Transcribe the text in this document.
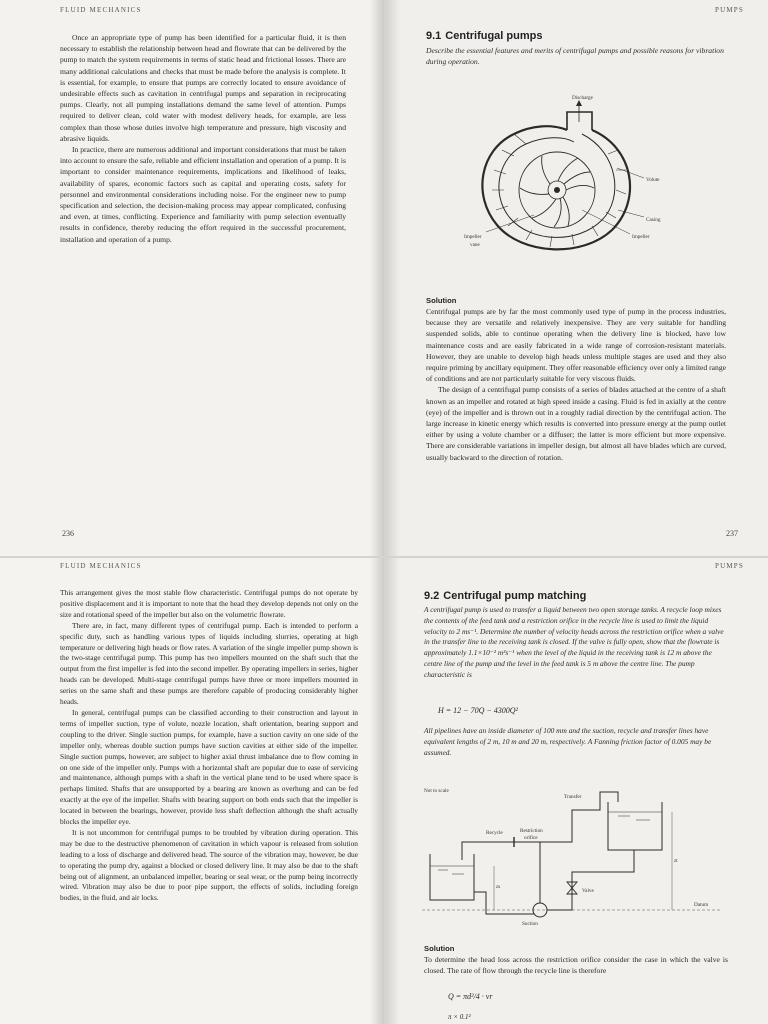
FLUID MECHANICS

Once an appropriate type of pump has been identified for a particular fluid, it is then necessary to establish the relationship between head and flowrate that can be delivered by the pump to match the system requirements in terms of static head and frictional losses. There are many additional calculations and checks that must be made before the analysis is complete. It is essential, for example, to ensure that pumps are correctly located to ensure avoidance of undesirable effects such as cavitation in centrifugal pumps and separation in reciprocating pumps. Clearly, not all pumping installations demand the same level of attention. Pumps required to deliver clean, cold water with modest delivery heads, for example, are less complex than those whose duties involve high temperature and pressure, high viscosity and abrasive liquids.

In practice, there are numerous additional and important considerations that must be taken into account to ensure the safe, reliable and efficient installation and operation of a pump. It is important to consider maintenance requirements, implications and likelihood of leaks, availability of spares, economic factors such as capital and operating costs, safety for personnel and environmental considerations including noise. For the engineer new to pump specification and selection, the decision-making process may appear complicated, confusing and even, at times, conflicting. Experience and familiarity with pump selection eventually results in confidence, thereby reducing the effort required in the successful procurement, installation and operation of a pump.

236
PUMPS
9.1 Centrifugal pumps
Describe the essential features and merits of centrifugal pumps and possible reasons for vibration during operation.
Discharge
Volute
Casing
Impeller
Impeller
vane
Solution

Centrifugal pumps are by far the most commonly used type of pump in the process industries, because they are versatile and relatively inexpensive. They are very suitable for handling suspended solids, able to continue operating when the delivery line is blocked, have low maintenance costs and are easily fabricated in a wide range of corrosion-resistant materials. However, they are unable to develop high heads unless multiple stages are used and they also require priming by ancillary equipment. They offer reasonable efficiency over only a limited range of conditions and are not particularly suitable for very viscous fluids.

The design of a centrifugal pump consists of a series of blades attached at the centre of a shaft known as an impeller and rotated at high speed inside a casing. Fluid is fed in axially at the centre (eye) of the impeller and is thrown out in a roughly radial direction by the centrifugal action. The large increase in kinetic energy which results is converted into pressure energy at the pump outlet either by using a volute chamber or a diffuser; the latter is more efficient but more expensive. There are considerable variations in impeller design, but almost all have blades which are curved, usually backward to the direction of rotation.

237
FLUID MECHANICS

This arrangement gives the most stable flow characteristic. Centrifugal pumps do not operate by positive displacement and it is important to note that the head they develop depends not only on the size and rotational speed of the impeller but also on the volumetric flowrate.

There are, in fact, many different types of centrifugal pump. Each is intended to perform a specific duty, such as handling various types of liquids including slurries, operating at high temperature or delivering high heads or flow rates. A variation of the single impeller pump shown is the two-stage centrifugal pump. This pump has two impellers mounted on the shaft such that the output from the first impeller is fed into the second impeller. By operating impellers in series, higher heads can be developed. Multi-stage centrifugal pumps have three or more impellers mounted in series on the same shaft and these pumps are therefore capable of producing considerably higher heads.

In general, centrifugal pumps can be classified according to their construction and layout in terms of impeller suction, type of volute, nozzle location, shaft orientation, bearing support and coupling to the driver. Single suction pumps, for example, have a suction cavity on one side of the impeller only, whereas double suction pumps have suction cavities at either side of the impeller. Single suction pumps, however, are subject to higher axial thrust imbalance due to flow coming in on one side of the impeller only. Pumps with a horizontal shaft are popular due to ease of servicing and maintenance, although pumps with a shaft in the vertical plane tend to be used where space is perhaps limited. Shafts that are unsupported by a bearing are known as overhung and can be fed exactly at the eye of the impeller. Shafts with bearing support on both ends such that the impeller is located in between the bearings, however, provide less shaft deflection although the shaft actually blocks the impeller eye.

It is not uncommon for centrifugal pumps to be troubled by vibration during operation. This may be due to the destructive phenomenon of cavitation in which vapour is released from solution leading to a loss of discharge and delivered head. The source of the vibration may, however, be due to operating the pump dry, against a blocked or closed delivery line. It may also be due to the shaft being out of alignment, an unbalanced impeller, bearing or seal wear, or the pump being incorrectly wired. Vibration may also be due to poor pipe support, the effects of solids, including foreign bodies, in the fluid, and air locks.

PUMPS
9.2 Centrifugal pump matching
A centrifugal pump is used to transfer a liquid between two open storage tanks. A recycle loop mixes the contents of the feed tank and a restriction orifice in the recycle line is used to limit the liquid velocity to 2 ms⁻¹. Determine the number of velocity heads across the restriction orifice when a valve in the transfer line to the receiving tank is closed. If the valve is fully open, show that the flowrate is approximately 1.1×10⁻² m³s⁻¹ when the level of the liquid in the receiving tank is 12 m above the centre line of the pump and the level in the feed tank is 5 m above the centre line. The pump characteristic is
H = 12 − 70Q − 4300Q²
All pipelines have an inside diameter of 100 mm and the suction, recycle and transfer lines have equivalent lengths of 2 m, 10 m and 20 m, respectively. A Fanning friction factor of 0.005 may be assumed.
Not to scale
Transfer
Recycle	Restriction
orifice
Valve
Datum
Suction
zs
zt
Solution

To determine the head loss across the restriction orifice consider the case in which the valve is closed. The rate of flow through the recycle line is therefore

Q = πd²/4 · vr
π × 0.1²
